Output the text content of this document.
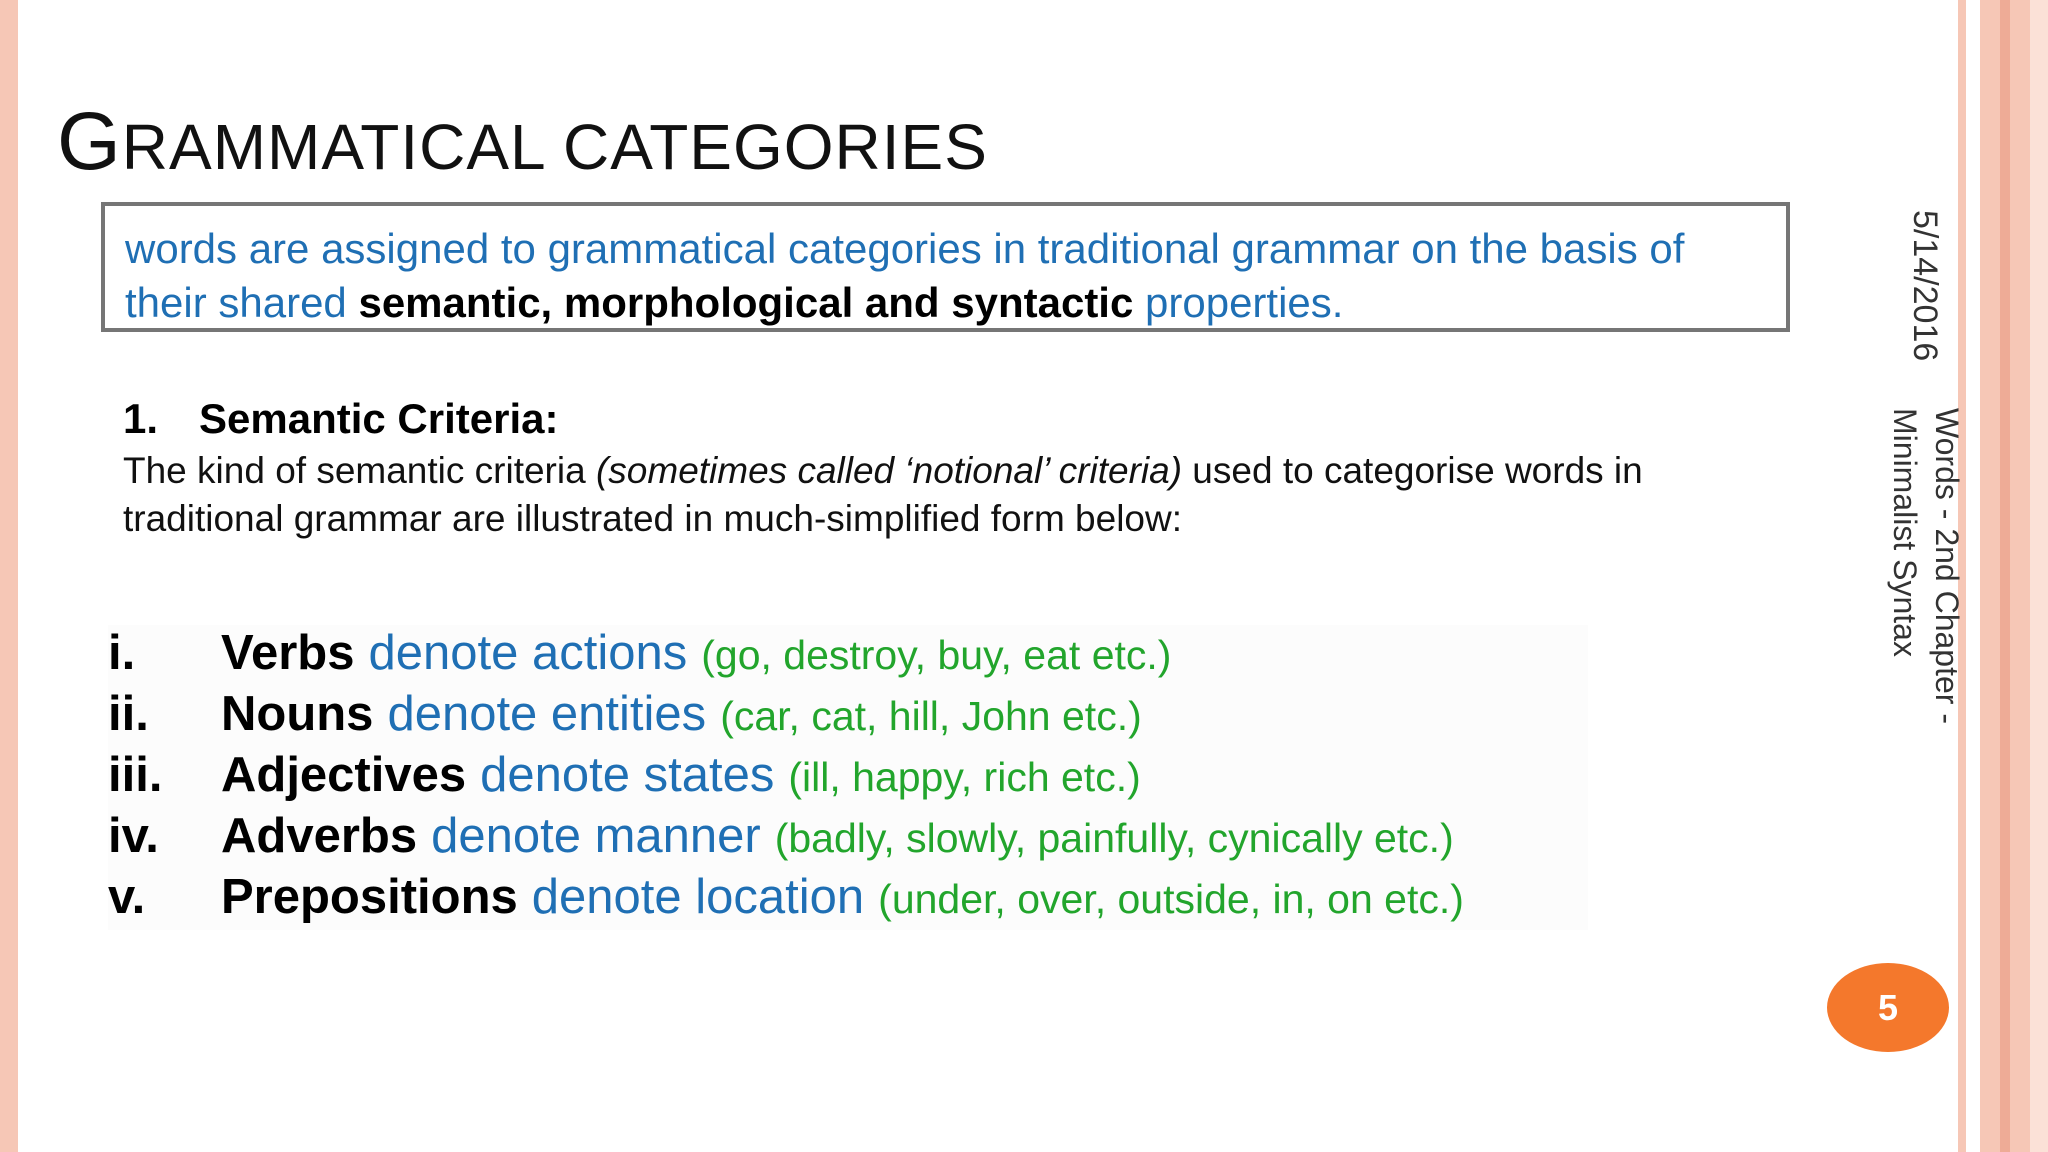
GRAMMATICAL CATEGORIES
words are assigned to grammatical categories in traditional grammar on the basis of their shared semantic, morphological and syntactic properties.
1. Semantic Criteria:
The kind of semantic criteria (sometimes called ‘notional’ criteria) used to categorise words in traditional grammar are illustrated in much-simplified form below:
i.	Verbs denote actions (go, destroy, buy, eat etc.)
ii.	Nouns denote entities (car, cat, hill, John etc.)
iii.	Adjectives denote states (ill, happy, rich etc.)
iv.	Adverbs denote manner (badly, slowly, painfully, cynically etc.)
v.	Prepositions denote location (under, over, outside, in, on etc.)
5/14/2016
Words - 2nd Chapter -
Minimalist Syntax
5
